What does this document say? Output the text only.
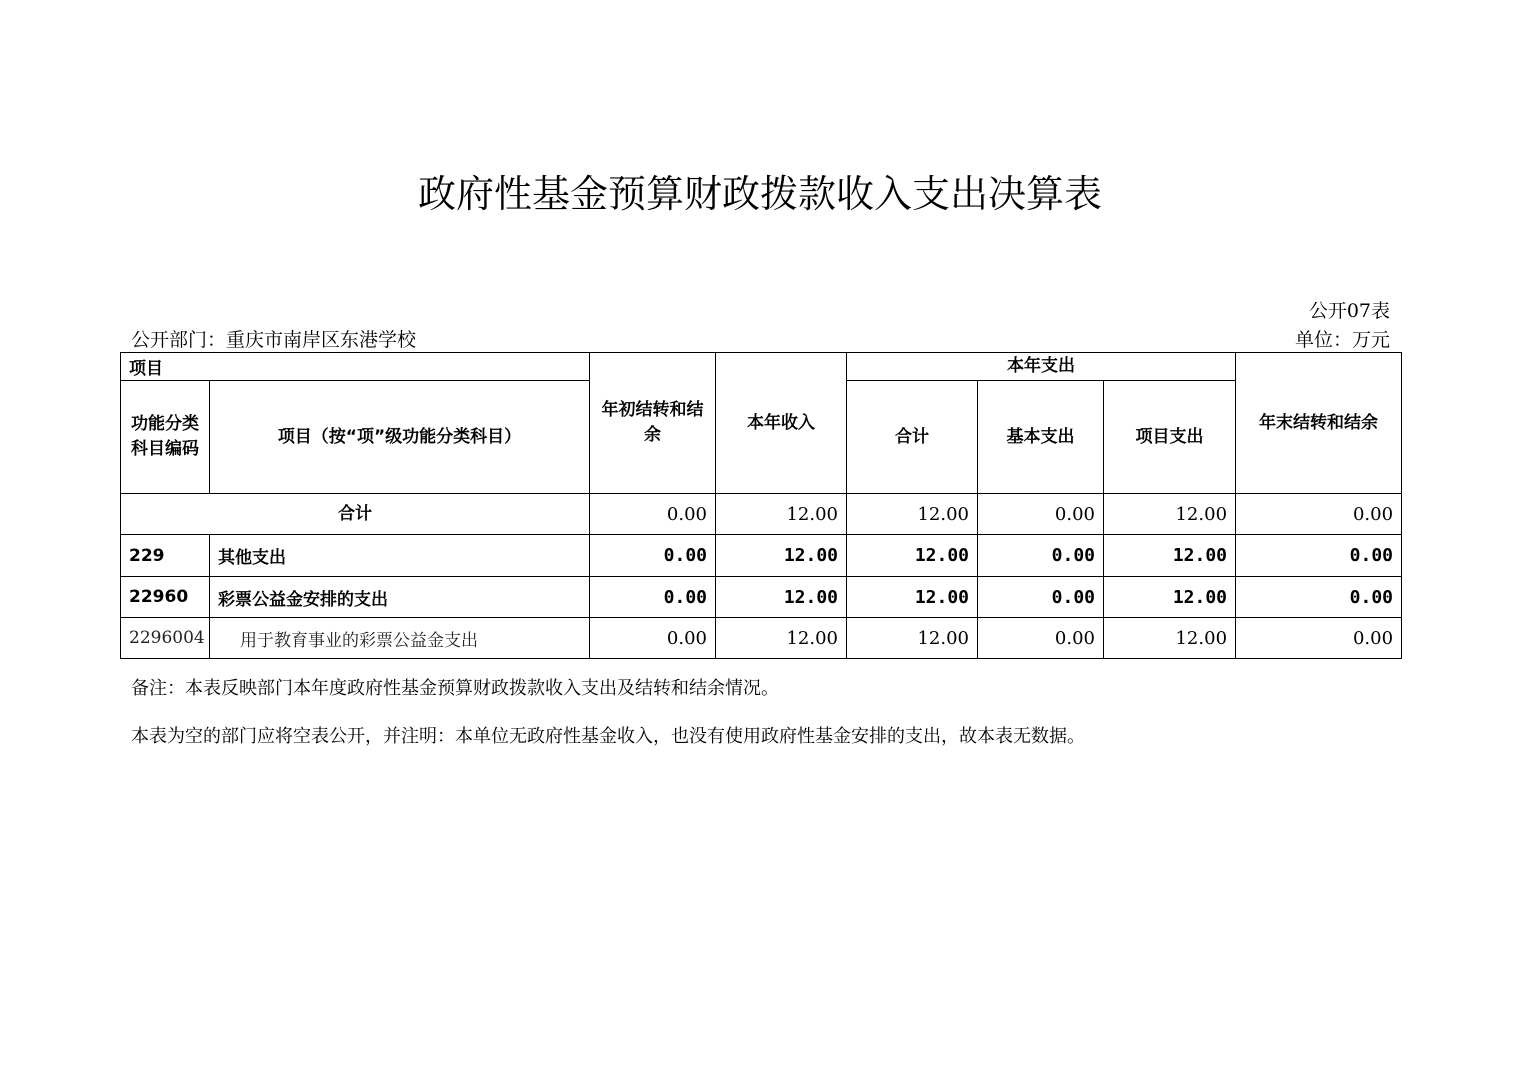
政府性基金预算财政拨款收入支出决算表
公开07表
公开部门：重庆市南岸区东港学校	单位：万元
项目		年初结转和结余	本年收入	本年支出			年末结转和结余
功能分类科目编码	项目（按“项”级功能分类科目）			合计	基本支出	项目支出	
合计		0.00	12.00	12.00	0.00	12.00	0.00
229	其他支出	0.00	12.00	12.00	0.00	12.00	0.00
22960	彩票公益金安排的支出	0.00	12.00	12.00	0.00	12.00	0.00
2296004	用于教育事业的彩票公益金支出	0.00	12.00	12.00	0.00	12.00	0.00
备注：本表反映部门本年度政府性基金预算财政拨款收入支出及结转和结余情况。
本表为空的部门应将空表公开，并注明：本单位无政府性基金收入，也没有使用政府性基金安排的支出，故本表无数据。
